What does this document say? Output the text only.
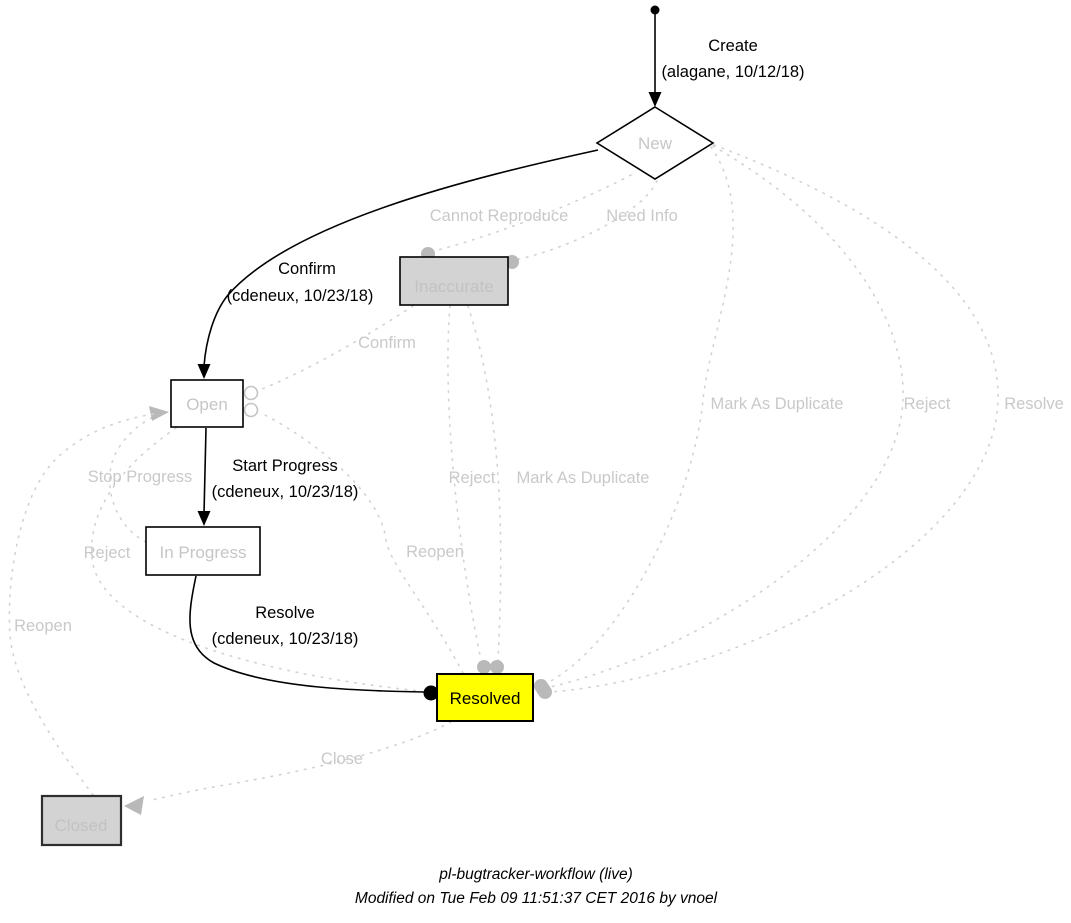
New
Inaccurate
Open
In Progress
Resolved
Closed
Create
(alagane, 10/12/18)
Confirm
(cdeneux, 10/23/18)
Start Progress
(cdeneux, 10/23/18)
Resolve
(cdeneux, 10/23/18)
Cannot Reproduce Need Info
Confirm
Mark As Duplicate	Reject	Resolve
Stop Progress	Reject Mark As Duplicate
Reject	Reopen
Reopen
Close
pl-bugtracker-workflow (live)
Modified on Tue Feb 09 11:51:37 CET 2016 by vnoel
